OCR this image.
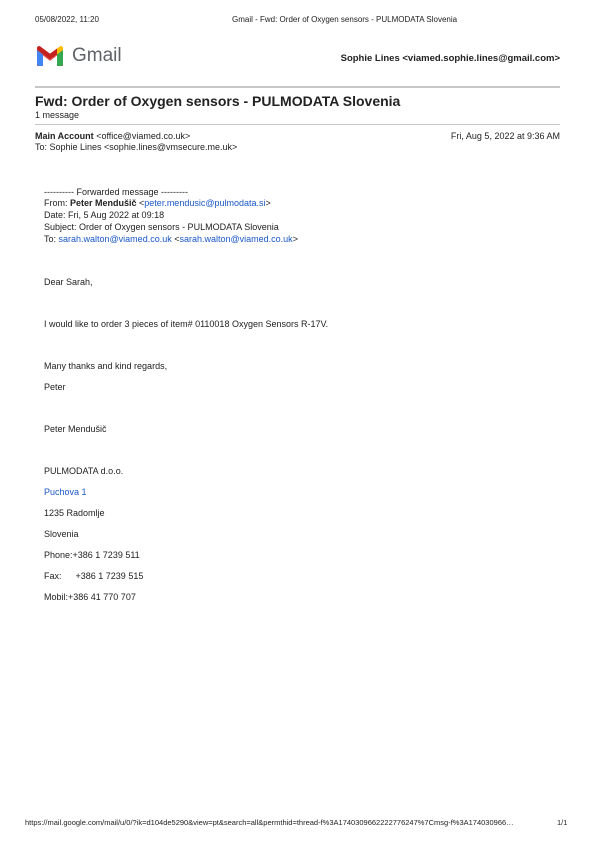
05/08/2022, 11:20	Gmail - Fwd: Order of Oxygen sensors - PULMODATA Slovenia
Gmail	Sophie Lines <viamed.sophie.lines@gmail.com>
Fwd: Order of Oxygen sensors - PULMODATA Slovenia
1 message
Main Account <office@viamed.co.uk>	Fri, Aug 5, 2022 at 9:36 AM
To: Sophie Lines <sophie.lines@vmsecure.me.uk>
---------- Forwarded message ---------
From: Peter Mendušič <peter.mendusic@pulmodata.si>
Date: Fri, 5 Aug 2022 at 09:18
Subject: Order of Oxygen sensors - PULMODATA Slovenia
To: sarah.walton@viamed.co.uk <sarah.walton@viamed.co.uk>
Dear Sarah,
I would like to order 3 pieces of item# 0110018 Oxygen Sensors R-17V.
Many thanks and kind regards,
Peter
Peter Mendušič
PULMODATA d.o.o.
Puchova 1
1235 Radomlje
Slovenia
Phone:+386 1 7239 511
Fax: +386 1 7239 515
Mobil:+386 41 770 707
https://mail.google.com/mail/u/0/?ik=d104de5290&view=pt&search=all&permthid=thread-f%3A1740309662222776247%7Cmsg-f%3A174030966…	1/1
